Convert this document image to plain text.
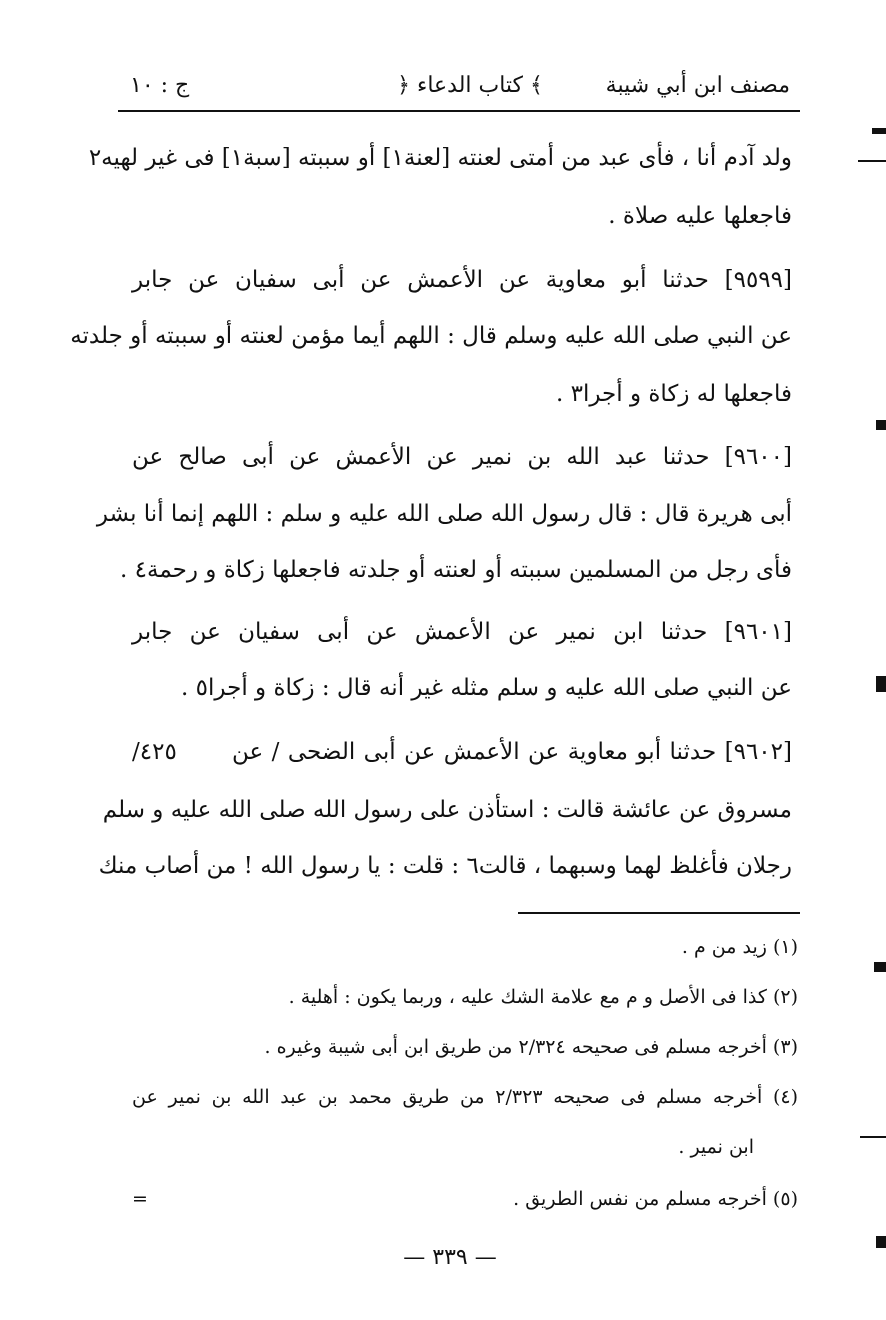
مصنف ابن أبي شيبة
﴿ كتاب الدعاء ﴾
ج : ١٠
ولد آدم أنا ، فأى عبد من أمتى لعنته [لعنة١] أو سببته [سبة١] فى غير لهيه٢
فاجعلها عليه صلاة .
[٩٥٩٩] حدثنا أبو معاوية عن الأعمش عن أبى سفيان عن جابر
عن النبي صلى الله عليه وسلم قال : اللهم أيما مؤمن لعنته أو سببته أو جلدته
فاجعلها له زكاة و أجرا٣ .
[٩٦٠٠] حدثنا عبد الله بن نمير عن الأعمش عن أبى صالح عن
أبى هريرة قال : قال رسول الله صلى الله عليه و سلم : اللهم إنما أنا بشر
فأى رجل من المسلمين سببته أو لعنته أو جلدته فاجعلها زكاة و رحمة٤ .
[٩٦٠١] حدثنا ابن نمير عن الأعمش عن أبى سفيان عن جابر
عن النبي صلى الله عليه و سلم مثله غير أنه قال : زكاة و أجرا٥ .
[٩٦٠٢] حدثنا أبو معاوية عن الأعمش عن أبى الضحى / عن
٤٢٥/
مسروق عن عائشة قالت : استأذن على رسول الله صلى الله عليه و سلم
رجلان فأغلظ لهما وسبهما ، قالت٦ : قلت : يا رسول الله ! من أصاب منك
(١) زيد من م .
(٢) كذا فى الأصل و م مع علامة الشك عليه ، وربما يكون : أهلية .
(٣) أخرجه مسلم فى صحيحه ٢/٣٢٤ من طريق ابن أبى شيبة وغيره .
(٤) أخرجه مسلم فى صحيحه ٢/٣٢٣ من طريق محمد بن عبد الله بن نمير عن
ابن نمير .
(٥) أخرجه مسلم من نفس الطريق .
=
— ٣٣٩ —
